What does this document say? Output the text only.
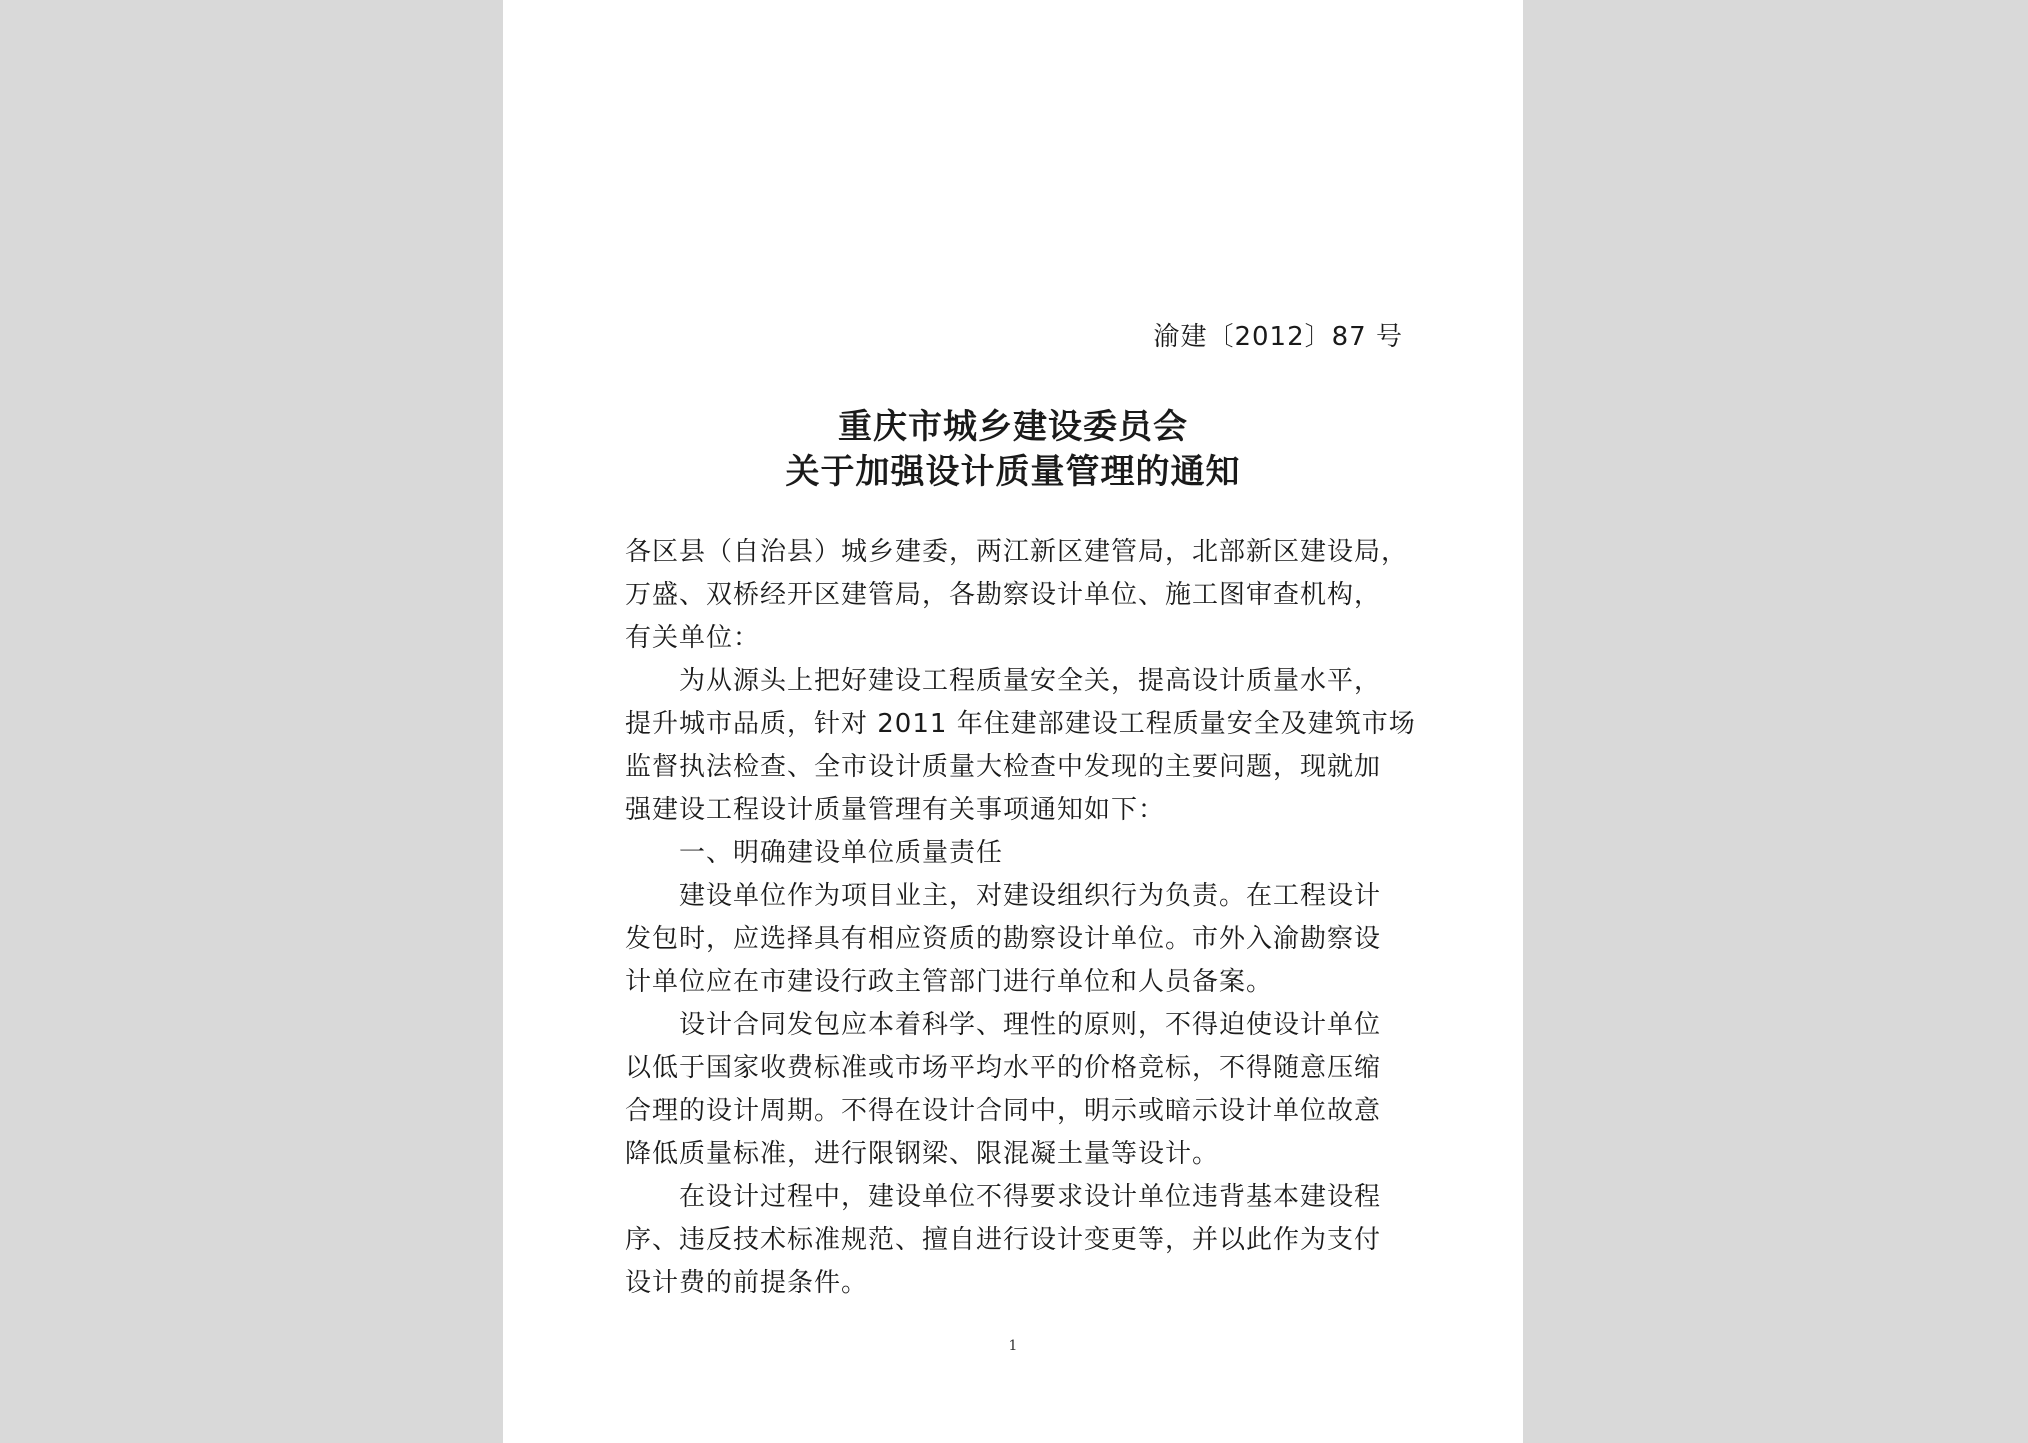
渝建〔2012〕87 号
重庆市城乡建设委员会
关于加强设计质量管理的通知
各区县（自治县）城乡建委，两江新区建管局，北部新区建设局，
万盛、双桥经开区建管局，各勘察设计单位、施工图审查机构，
有关单位：
为从源头上把好建设工程质量安全关，提高设计质量水平，
提升城市品质，针对 2011 年住建部建设工程质量安全及建筑市场
监督执法检查、全市设计质量大检查中发现的主要问题，现就加
强建设工程设计质量管理有关事项通知如下：
一、明确建设单位质量责任
建设单位作为项目业主，对建设组织行为负责。在工程设计
发包时，应选择具有相应资质的勘察设计单位。市外入渝勘察设
计单位应在市建设行政主管部门进行单位和人员备案。
设计合同发包应本着科学、理性的原则，不得迫使设计单位
以低于国家收费标准或市场平均水平的价格竞标，不得随意压缩
合理的设计周期。不得在设计合同中，明示或暗示设计单位故意
降低质量标准，进行限钢梁、限混凝土量等设计。
在设计过程中，建设单位不得要求设计单位违背基本建设程
序、违反技术标准规范、擅自进行设计变更等，并以此作为支付
设计费的前提条件。
1
